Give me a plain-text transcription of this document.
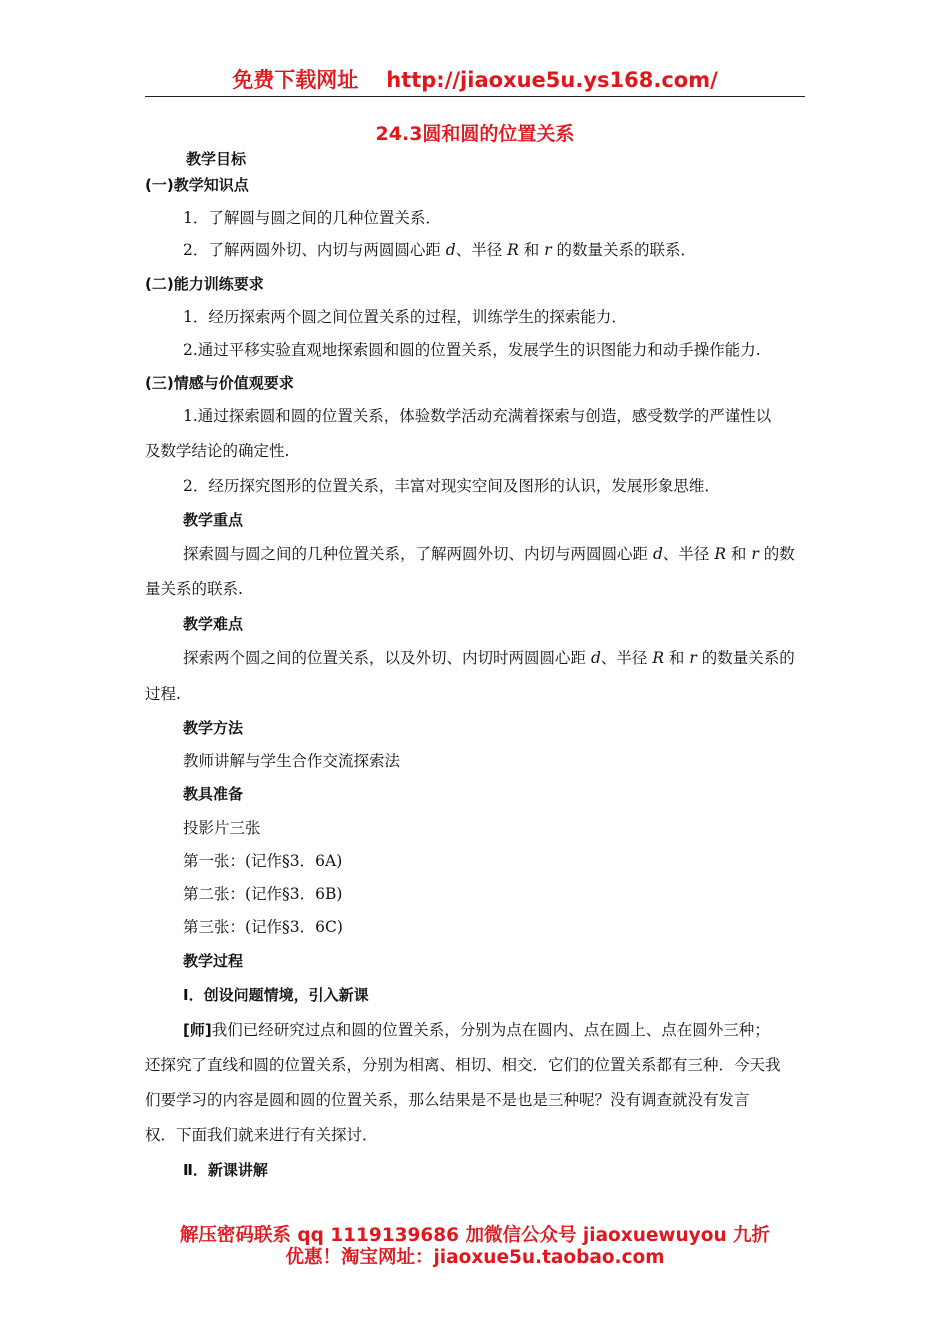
免费下载网址 http://jiaoxue5u.ys168.com/
24.3圆和圆的位置关系
教学目标
(一)教学知识点
1．了解圆与圆之间的几种位置关系．
2．了解两圆外切、内切与两圆圆心距 d、半径 R 和 r 的数量关系的联系．
(二)能力训练要求
1．经历探索两个圆之间位置关系的过程，训练学生的探索能力．
2.通过平移实验直观地探索圆和圆的位置关系，发展学生的识图能力和动手操作能力.
(三)情感与价值观要求
1.通过探索圆和圆的位置关系，体验数学活动充满着探索与创造，感受数学的严谨性以
及数学结论的确定性.
2．经历探究图形的位置关系，丰富对现实空间及图形的认识，发展形象思维．
教学重点
探索圆与圆之间的几种位置关系，了解两圆外切、内切与两圆圆心距 d、半径 R 和 r 的数
量关系的联系.
教学难点
探索两个圆之间的位置关系，以及外切、内切时两圆圆心距 d、半径 R 和 r 的数量关系的
过程.
教学方法
教师讲解与学生合作交流探索法
教具准备
投影片三张
第一张：(记作§3．6A)
第二张：(记作§3．6B)
第三张：(记作§3．6C)
教学过程
Ⅰ．创设问题情境，引入新课
[师]我们已经研究过点和圆的位置关系，分别为点在圆内、点在圆上、点在圆外三种；
还探究了直线和圆的位置关系，分别为相离、相切、相交．它们的位置关系都有三种．今天我
们要学习的内容是圆和圆的位置关系，那么结果是不是也是三种呢？没有调查就没有发言
权．下面我们就来进行有关探讨．
Ⅱ．新课讲解
解压密码联系 qq 1119139686 加微信公众号 jiaoxuewuyou 九折
优惠！淘宝网址：jiaoxue5u.taobao.com
